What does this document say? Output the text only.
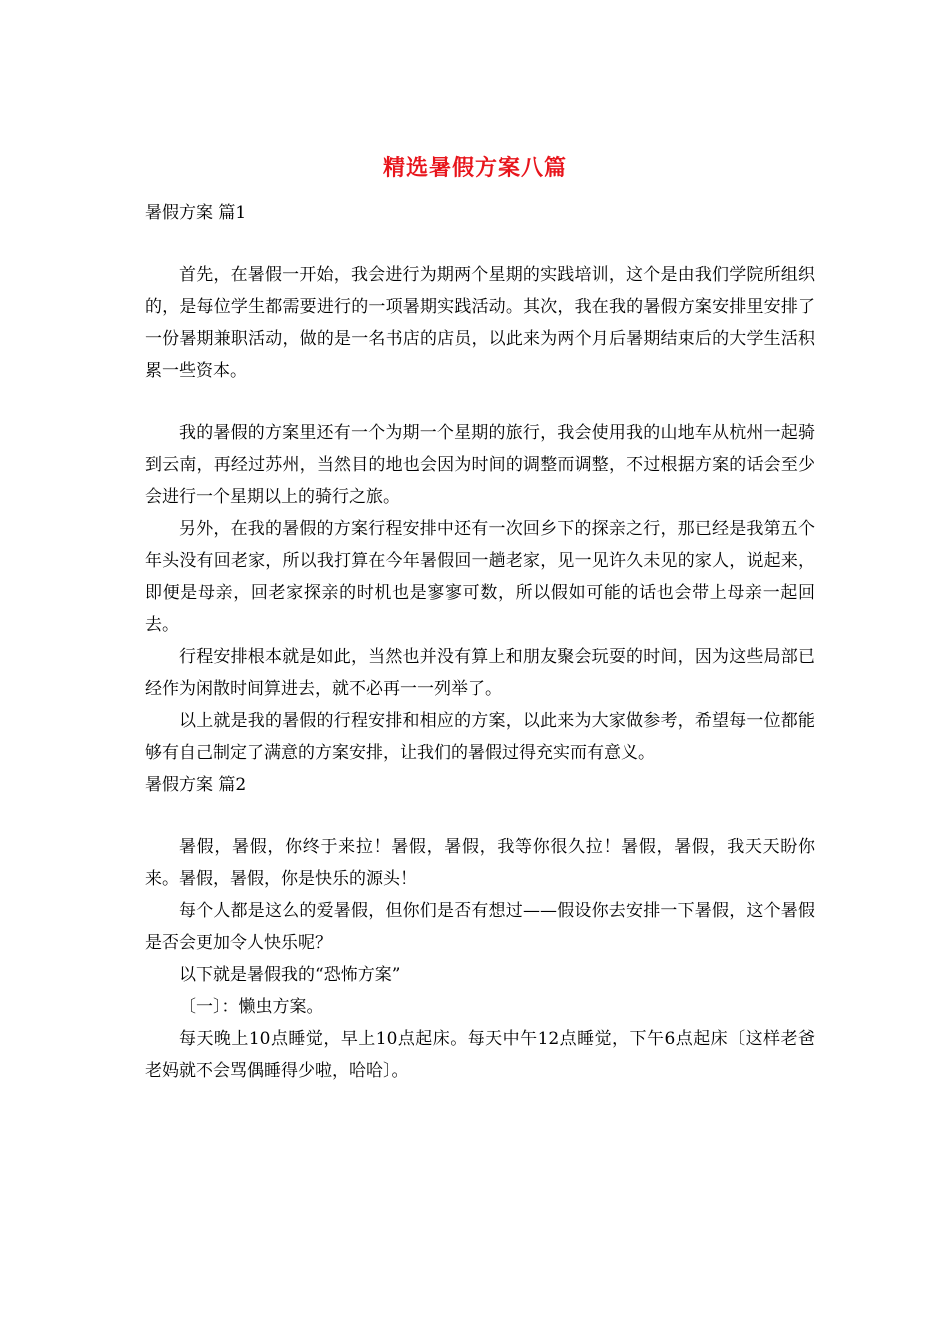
精选暑假方案八篇

暑假方案 篇1

首先，在暑假一开始，我会进行为期两个星期的实践培训，这个是由我们学院所组织的，是每位学生都需要进行的一项暑期实践活动。其次，我在我的暑假方案安排里安排了一份暑期兼职活动，做的是一名书店的店员，以此来为两个月后暑期结束后的大学生活积累一些资本。

我的暑假的方案里还有一个为期一个星期的旅行，我会使用我的山地车从杭州一起骑到云南，再经过苏州，当然目的地也会因为时间的调整而调整，不过根据方案的话会至少会进行一个星期以上的骑行之旅。

另外，在我的暑假的方案行程安排中还有一次回乡下的探亲之行，那已经是我第五个年头没有回老家，所以我打算在今年暑假回一趟老家，见一见许久未见的家人，说起来，即便是母亲，回老家探亲的时机也是寥寥可数，所以假如可能的话也会带上母亲一起回去。

行程安排根本就是如此，当然也并没有算上和朋友聚会玩耍的时间，因为这些局部已经作为闲散时间算进去，就不必再一一列举了。

以上就是我的暑假的行程安排和相应的方案，以此来为大家做参考，希望每一位都能够有自己制定了满意的方案安排，让我们的暑假过得充实而有意义。

暑假方案 篇2

暑假，暑假，你终于来拉！暑假，暑假，我等你很久拉！暑假，暑假，我天天盼你来。暑假，暑假，你是快乐的源头！

每个人都是这么的爱暑假，但你们是否有想过——假设你去安排一下暑假，这个暑假是否会更加令人快乐呢？

以下就是暑假我的“恐怖方案”

〔一〕：懒虫方案。

每天晚上10点睡觉，早上10点起床。每天中午12点睡觉，下午6点起床〔这样老爸老妈就不会骂偶睡得少啦，哈哈〕。
